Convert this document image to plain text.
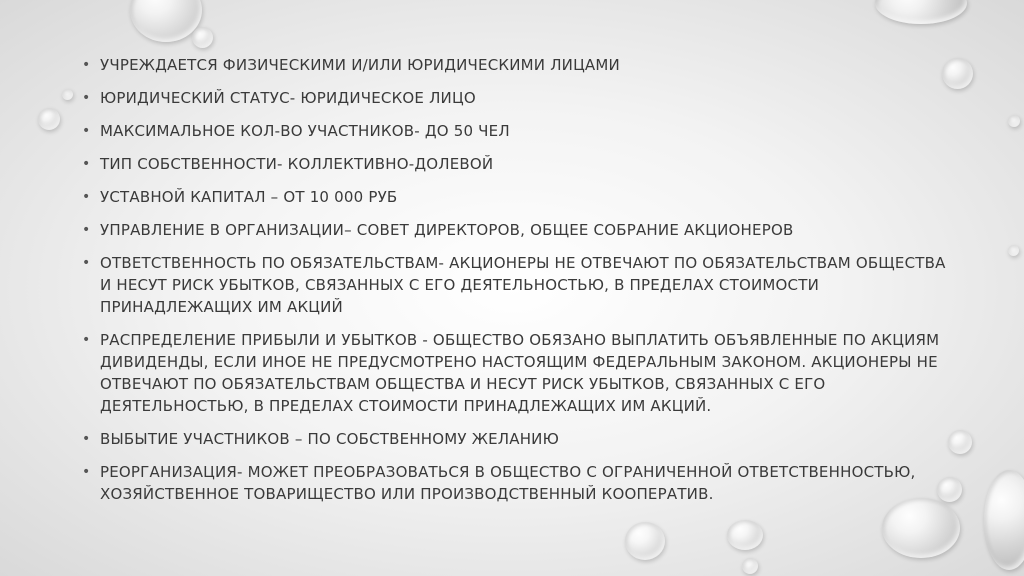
• УЧРЕЖДАЕТСЯ ФИЗИЧЕСКИМИ И/ИЛИ ЮРИДИЧЕСКИМИ ЛИЦАМИ
• ЮРИДИЧЕСКИЙ СТАТУС- ЮРИДИЧЕСКОЕ ЛИЦО
• МАКСИМАЛЬНОЕ КОЛ-ВО УЧАСТНИКОВ- ДО 50 ЧЕЛ
• ТИП СОБСТВЕННОСТИ- КОЛЛЕКТИВНО-ДОЛЕВОЙ
• УСТАВНОЙ КАПИТАЛ – ОТ 10 000 РУБ
• УПРАВЛЕНИЕ В ОРГАНИЗАЦИИ– СОВЕТ ДИРЕКТОРОВ, ОБЩЕЕ СОБРАНИЕ АКЦИОНЕРОВ
• ОТВЕТСТВЕННОСТЬ ПО ОБЯЗАТЕЛЬСТВАМ- АКЦИОНЕРЫ НЕ ОТВЕЧАЮТ ПО ОБЯЗАТЕЛЬСТВАМ ОБЩЕСТВА И НЕСУТ РИСК УБЫТКОВ, СВЯЗАННЫХ С ЕГО ДЕЯТЕЛЬНОСТЬЮ, В ПРЕДЕЛАХ СТОИМОСТИ ПРИНАДЛЕЖАЩИХ ИМ АКЦИЙ
• РАСПРЕДЕЛЕНИЕ ПРИБЫЛИ И УБЫТКОВ - ОБЩЕСТВО ОБЯЗАНО ВЫПЛАТИТЬ ОБЪЯВЛЕННЫЕ ПО АКЦИЯМ ДИВИДЕНДЫ, ЕСЛИ ИНОЕ НЕ ПРЕДУСМОТРЕНО НАСТОЯЩИМ ФЕДЕРАЛЬНЫМ ЗАКОНОМ. АКЦИОНЕРЫ НЕ ОТВЕЧАЮТ ПО ОБЯЗАТЕЛЬСТВАМ ОБЩЕСТВА И НЕСУТ РИСК УБЫТКОВ, СВЯЗАННЫХ С ЕГО ДЕЯТЕЛЬНОСТЬЮ, В ПРЕДЕЛАХ СТОИМОСТИ ПРИНАДЛЕЖАЩИХ ИМ АКЦИЙ.
• ВЫБЫТИЕ УЧАСТНИКОВ – ПО СОБСТВЕННОМУ ЖЕЛАНИЮ
• РЕОРГАНИЗАЦИЯ- МОЖЕТ ПРЕОБРАЗОВАТЬСЯ В ОБЩЕСТВО С ОГРАНИЧЕННОЙ ОТВЕТСТВЕННОСТЬЮ, ХОЗЯЙСТВЕННОЕ ТОВАРИЩЕСТВО ИЛИ ПРОИЗВОДСТВЕННЫЙ КООПЕРАТИВ.
